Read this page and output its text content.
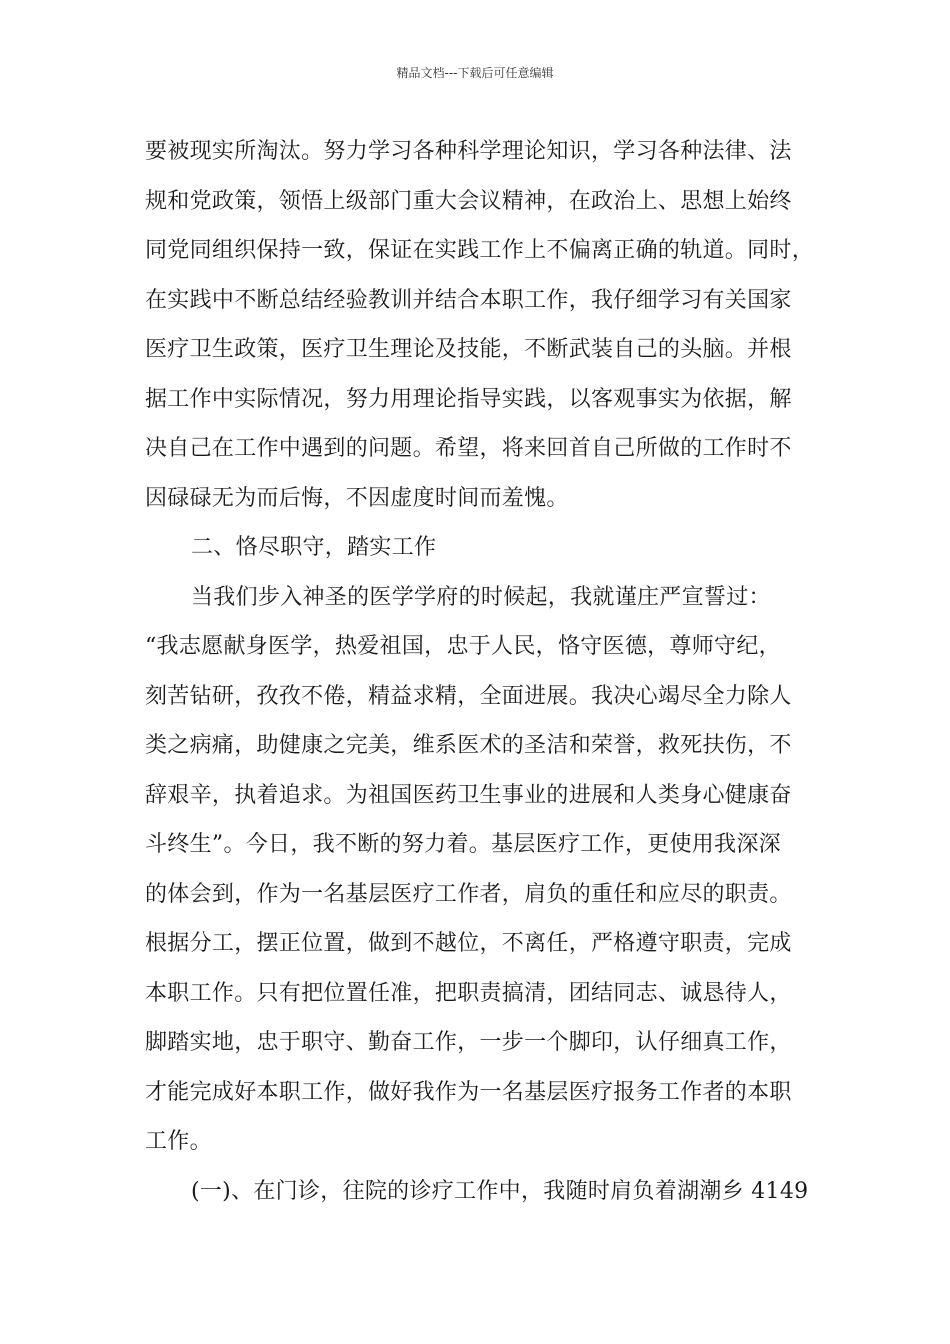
精品文档---下载后可任意编辑
要被现实所淘汰。努力学习各种科学理论知识，学习各种法律、法
规和党政策，领悟上级部门重大会议精神，在政治上、思想上始终
同党同组织保持一致，保证在实践工作上不偏离正确的轨道。同时，
在实践中不断总结经验教训并结合本职工作，我仔细学习有关国家
医疗卫生政策，医疗卫生理论及技能，不断武装自己的头脑。并根
据工作中实际情况，努力用理论指导实践，以客观事实为依据，解
决自己在工作中遇到的问题。希望，将来回首自己所做的工作时不
因碌碌无为而后悔，不因虚度时间而羞愧。
二、恪尽职守，踏实工作
当我们步入神圣的医学学府的时候起，我就谨庄严宣誓过：
“我志愿献身医学，热爱祖国，忠于人民，恪守医德，尊师守纪，
刻苦钻研，孜孜不倦，精益求精，全面进展。我决心竭尽全力除人
类之病痛，助健康之完美，维系医术的圣洁和荣誉，救死扶伤，不
辞艰辛，执着追求。为祖国医药卫生事业的进展和人类身心健康奋
斗终生”。今日，我不断的努力着。基层医疗工作，更使用我深深
的体会到，作为一名基层医疗工作者，肩负的重任和应尽的职责。
根据分工，摆正位置，做到不越位，不离任，严格遵守职责，完成
本职工作。只有把位置任准，把职责搞清，团结同志、诚恳待人，
脚踏实地，忠于职守、勤奋工作，一步一个脚印，认仔细真工作，
才能完成好本职工作，做好我作为一名基层医疗报务工作者的本职
工作。
(一)、在门诊，往院的诊疗工作中，我随时肩负着湖潮乡 4149
